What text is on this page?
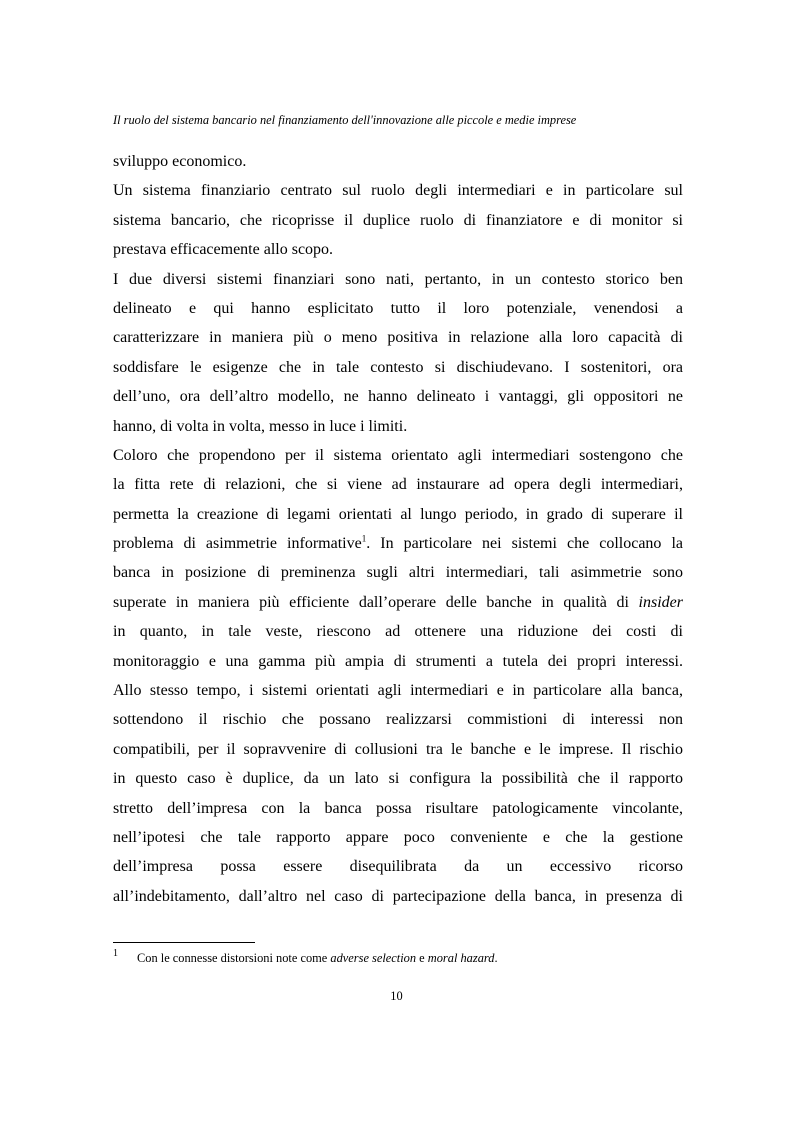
Il ruolo del sistema bancario nel finanziamento dell'innovazione alle piccole e medie imprese
sviluppo economico.
Un sistema finanziario centrato sul ruolo degli intermediari e in particolare sul
sistema bancario, che ricoprisse il duplice ruolo di finanziatore e di monitor si
prestava efficacemente allo scopo.
I due diversi sistemi finanziari sono nati, pertanto, in un contesto storico ben
delineato e qui hanno esplicitato tutto il loro potenziale, venendosi a
caratterizzare in maniera più o meno positiva in relazione alla loro capacità di
soddisfare le esigenze che in tale contesto si dischiudevano. I sostenitori, ora
dell’uno, ora dell’altro modello, ne hanno delineato i vantaggi, gli oppositori ne
hanno, di volta in volta, messo in luce i limiti.
Coloro che propendono per il sistema orientato agli intermediari sostengono che
la fitta rete di relazioni, che si viene ad instaurare ad opera degli intermediari,
permetta la creazione di legami orientati al lungo periodo, in grado di superare il
problema di asimmetrie informative$^1$. In particolare nei sistemi che collocano la
banca in posizione di preminenza sugli altri intermediari, tali asimmetrie sono
superate in maniera più efficiente dall’operare delle banche in qualità di insider
in quanto, in tale veste, riescono ad ottenere una riduzione dei costi di
monitoraggio e una gamma più ampia di strumenti a tutela dei propri interessi.
Allo stesso tempo, i sistemi orientati agli intermediari e in particolare alla banca,
sottendono il rischio che possano realizzarsi commistioni di interessi non
compatibili, per il sopravvenire di collusioni tra le banche e le imprese. Il rischio
in questo caso è duplice, da un lato si configura la possibilità che il rapporto
stretto dell’impresa con la banca possa risultare patologicamente vincolante,
nell’ipotesi che tale rapporto appare poco conveniente e che la gestione
dell’impresa possa essere disequilibrata da un eccessivo ricorso
all’indebitamento, dall’altro nel caso di partecipazione della banca, in presenza di
1 Con le connesse distorsioni note come adverse selection e moral hazard.
10
